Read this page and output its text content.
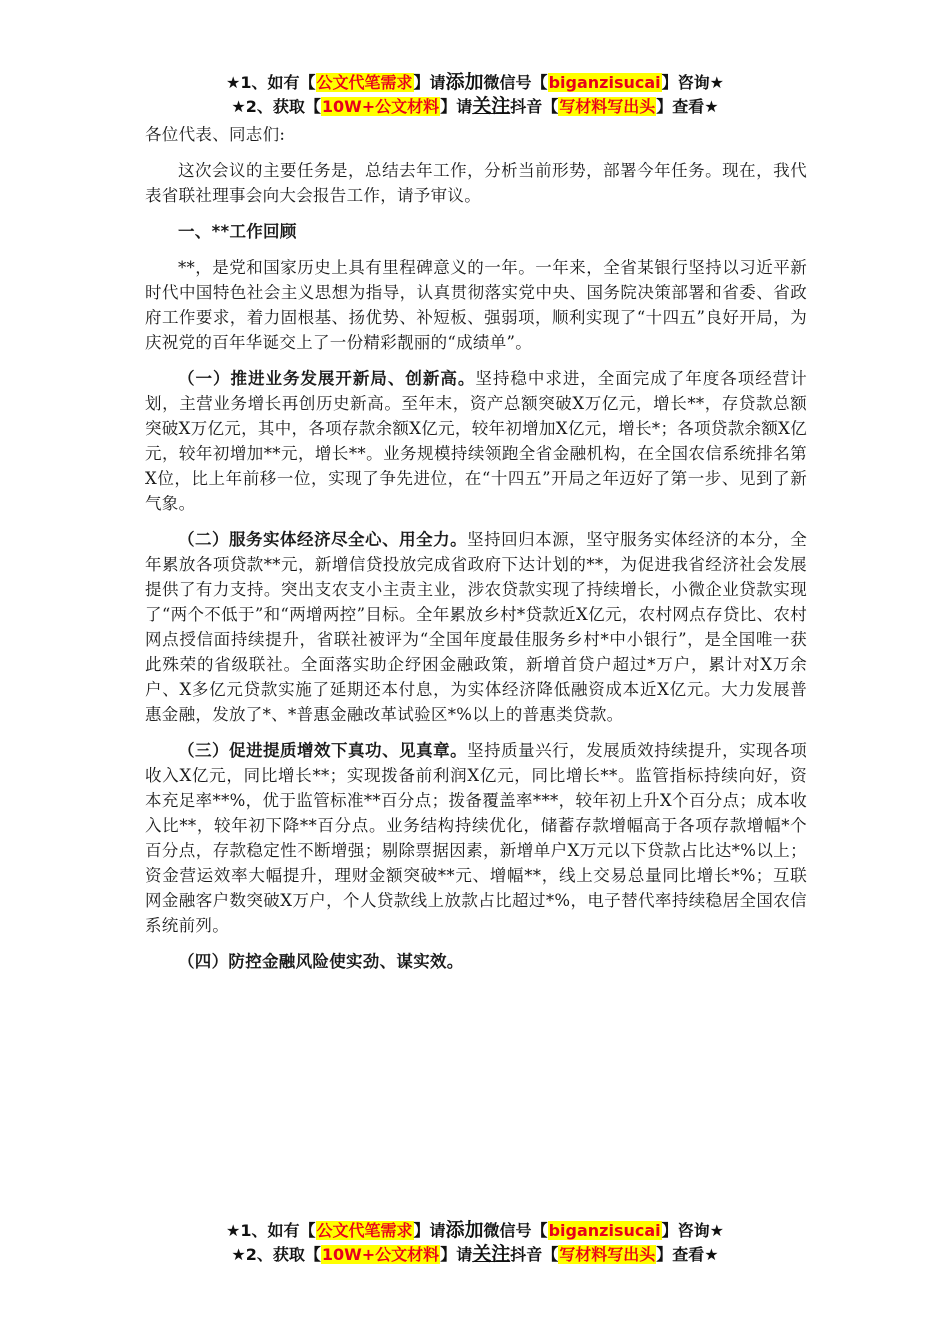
★1、如有【公文代笔需求】请添加微信号【biganzisucai】咨询★
★2、获取【10W+公文材料】请关注抖音【写材料写出头】查看★

各位代表、同志们:

这次会议的主要任务是，总结去年工作，分析当前形势，部署今年任务。现在，我代表省联社理事会向大会报告工作，请予审议。

一、**工作回顾

**，是党和国家历史上具有里程碑意义的一年。一年来，全省某银行坚持以习近平新时代中国特色社会主义思想为指导，认真贯彻落实党中央、国务院决策部署和省委、省政府工作要求，着力固根基、扬优势、补短板、强弱项，顺利实现了“十四五”良好开局，为庆祝党的百年华诞交上了一份精彩靓丽的“成绩单”。

（一）推进业务发展开新局、创新高。坚持稳中求进，全面完成了年度各项经营计划，主营业务增长再创历史新高。至年末，资产总额突破X万亿元，增长**，存贷款总额突破X万亿元，其中，各项存款余额X亿元，较年初增加X亿元，增长*；各项贷款余额X亿元，较年初增加**元，增长**。业务规模持续领跑全省金融机构，在全国农信系统排名第X位，比上年前移一位，实现了争先进位，在“十四五”开局之年迈好了第一步、见到了新气象。

（二）服务实体经济尽全心、用全力。坚持回归本源，坚守服务实体经济的本分，全年累放各项贷款**元，新增信贷投放完成省政府下达计划的**，为促进我省经济社会发展提供了有力支持。突出支农支小主责主业，涉农贷款实现了持续增长，小微企业贷款实现了“两个不低于”和“两增两控”目标。全年累放乡村*贷款近X亿元，农村网点存贷比、农村网点授信面持续提升，省联社被评为“全国年度最佳服务乡村*中小银行”，是全国唯一获此殊荣的省级联社。全面落实助企纾困金融政策，新增首贷户超过*万户，累计对X万余户、X多亿元贷款实施了延期还本付息，为实体经济降低融资成本近X亿元。大力发展普惠金融，发放了*、*普惠金融改革试验区*%以上的普惠类贷款。

（三）促进提质增效下真功、见真章。坚持质量兴行，发展质效持续提升，实现各项收入X亿元，同比增长**；实现拨备前利润X亿元，同比增长**。监管指标持续向好，资本充足率**%，优于监管标准**百分点；拨备覆盖率***，较年初上升X个百分点；成本收入比**，较年初下降**百分点。业务结构持续优化，储蓄存款增幅高于各项存款增幅*个百分点，存款稳定性不断增强；剔除票据因素，新增单户X万元以下贷款占比达*%以上；资金营运效率大幅提升，理财金额突破**元、增幅**，线上交易总量同比增长*%；互联网金融客户数突破X万户，个人贷款线上放款占比超过*%，电子替代率持续稳居全国农信系统前列。

（四）防控金融风险使实劲、谋实效。

★1、如有【公文代笔需求】请添加微信号【biganzisucai】咨询★
★2、获取【10W+公文材料】请关注抖音【写材料写出头】查看★
